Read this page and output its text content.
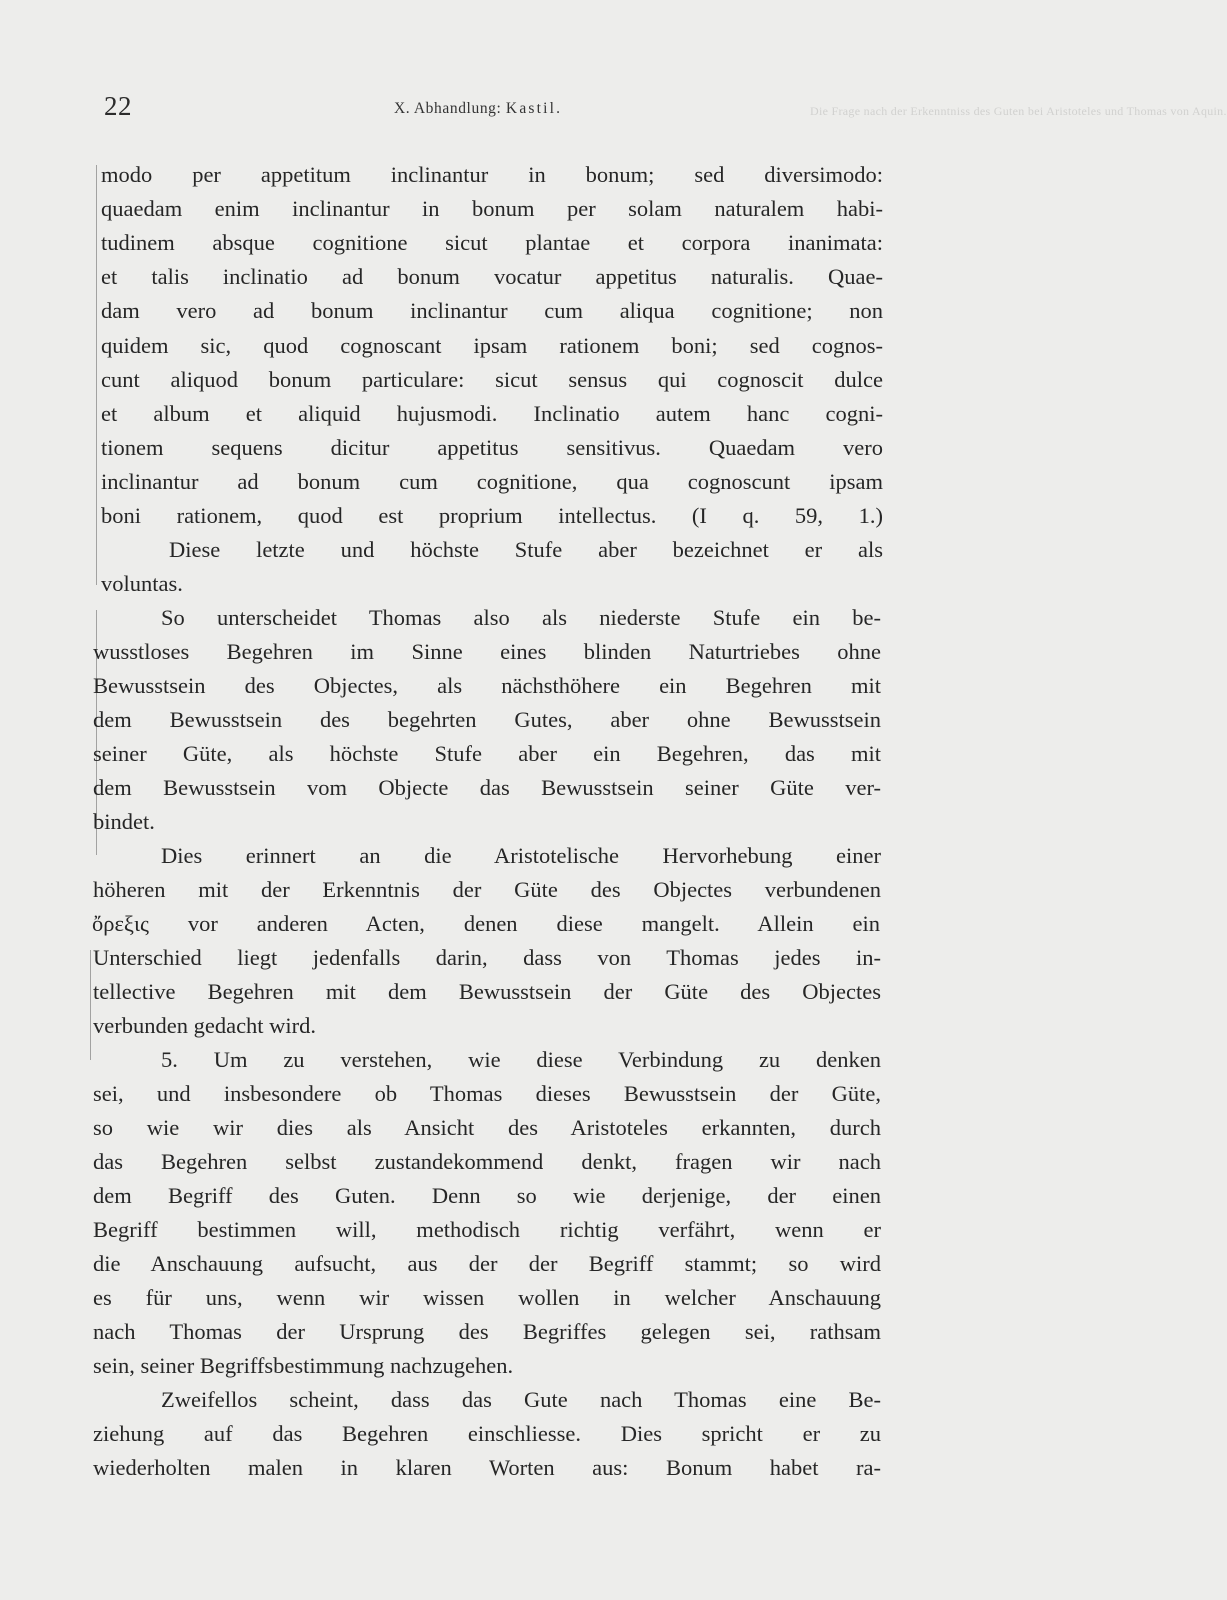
22	X. Abhandlung: Kastil.	Die Frage nach der Erkenntniss des Guten bei Aristoteles und Thomas von Aquin.
modo per appetitum inclinantur in bonum; sed diversimodo:
quaedam enim inclinantur in bonum per solam naturalem habi-
tudinem absque cognitione sicut plantae et corpora inanimata:
et talis inclinatio ad bonum vocatur appetitus naturalis. Quae-
dam vero ad bonum inclinantur cum aliqua cognitione; non
quidem sic, quod cognoscant ipsam rationem boni; sed cognos-
cunt aliquod bonum particulare: sicut sensus qui cognoscit dulce
et album et aliquid hujusmodi. Inclinatio autem hanc cogni-
tionem sequens dicitur appetitus sensitivus. Quaedam vero
inclinantur ad bonum cum cognitione, qua cognoscunt ipsam
boni rationem, quod est proprium intellectus. (I q. 59, 1.)
Diese letzte und höchste Stufe aber bezeichnet er als
voluntas.
So unterscheidet Thomas also als niederste Stufe ein be-
wusstloses Begehren im Sinne eines blinden Naturtriebes ohne
Bewusstsein des Objectes, als nächsthöhere ein Begehren mit
dem Bewusstsein des begehrten Gutes, aber ohne Bewusstsein
seiner Güte, als höchste Stufe aber ein Begehren, das mit
dem Bewusstsein vom Objecte das Bewusstsein seiner Güte ver-
bindet.
Dies erinnert an die Aristotelische Hervorhebung einer
höheren mit der Erkenntnis der Güte des Objectes verbundenen
ὄρεξις vor anderen Acten, denen diese mangelt. Allein ein
Unterschied liegt jedenfalls darin, dass von Thomas jedes in-
tellective Begehren mit dem Bewusstsein der Güte des Objectes
verbunden gedacht wird.
5. Um zu verstehen, wie diese Verbindung zu denken
sei, und insbesondere ob Thomas dieses Bewusstsein der Güte,
so wie wir dies als Ansicht des Aristoteles erkannten, durch
das Begehren selbst zustandekommend denkt, fragen wir nach
dem Begriff des Guten. Denn so wie derjenige, der einen
Begriff bestimmen will, methodisch richtig verfährt, wenn er
die Anschauung aufsucht, aus der der Begriff stammt; so wird
es für uns, wenn wir wissen wollen in welcher Anschauung
nach Thomas der Ursprung des Begriffes gelegen sei, rathsam
sein, seiner Begriffsbestimmung nachzugehen.
Zweifellos scheint, dass das Gute nach Thomas eine Be-
ziehung auf das Begehren einschliesse. Dies spricht er zu
wiederholten malen in klaren Worten aus: Bonum habet ra-
